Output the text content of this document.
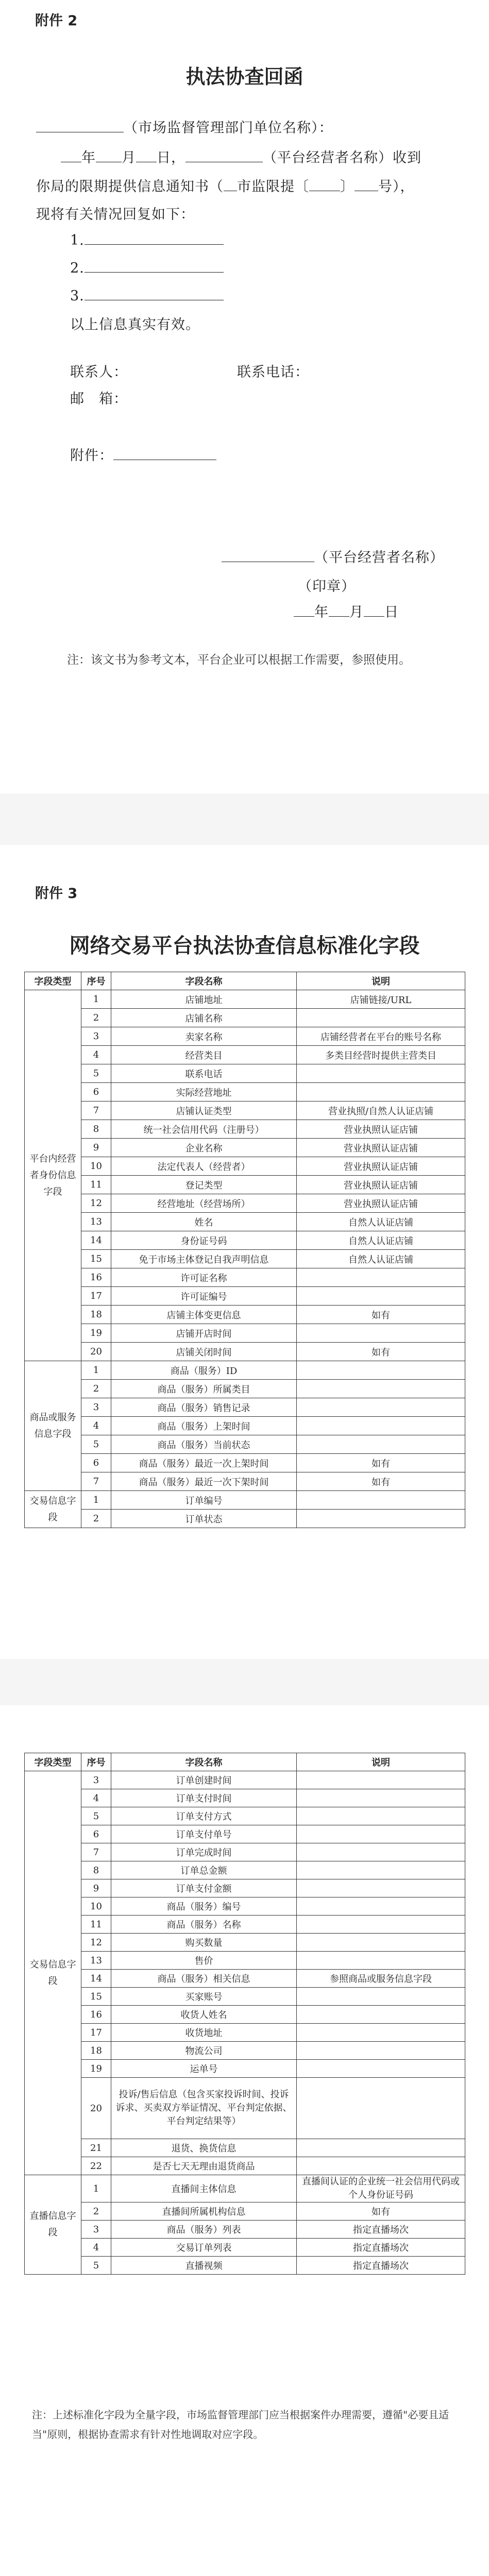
附件 2
执法协查回函
（市场监督管理部门单位名称）：
年 月 日，	（平台经营者名称）收到
你局的限期提供信息通知书（ 市监限提〔 〕 号），
现将有关情况回复如下：
1.
2.
3.
以上信息真实有效。
联系人：	联系电话：
邮　箱：
附件：
（平台经营者名称）
（印章）
年 月 日
注：该文书为参考文本，平台企业可以根据工作需要，参照使用。
附件 3
网络交易平台执法协查信息标准化字段
字段类型	序号	字段名称	说明
平台内经营者身份信息字段	1	店铺地址	店铺链接/URL
	2	店铺名称	
	3	卖家名称	店铺经营者在平台的账号名称
	4	经营类目	多类目经营时提供主营类目
	5	联系电话	
	6	实际经营地址	
	7	店铺认证类型	营业执照/自然人认证店铺
	8	统一社会信用代码（注册号）	营业执照认证店铺
	9	企业名称	营业执照认证店铺
	10	法定代表人（经营者）	营业执照认证店铺
	11	登记类型	营业执照认证店铺
	12	经营地址（经营场所）	营业执照认证店铺
	13	姓名	自然人认证店铺
	14	身份证号码	自然人认证店铺
	15	免于市场主体登记自我声明信息	自然人认证店铺
	16	许可证名称	
	17	许可证编号	
	18	店铺主体变更信息	如有
	19	店铺开店时间	
	20	店铺关闭时间	如有
商品或服务信息字段	1	商品（服务）ID	
	2	商品（服务）所属类目	
	3	商品（服务）销售记录	
	4	商品（服务）上架时间	
	5	商品（服务）当前状态	
	6	商品（服务）最近一次上架时间	如有
	7	商品（服务）最近一次下架时间	如有
交易信息字段	1	订单编号	
	2	订单状态	
字段类型	序号	字段名称	说明
交易信息字段	3	订单创建时间	
	4	订单支付时间	
	5	订单支付方式	
	6	订单支付单号	
	7	订单完成时间	
	8	订单总金额	
	9	订单支付金额	
	10	商品（服务）编号	
	11	商品（服务）名称	
	12	购买数量	
	13	售价	
	14	商品（服务）相关信息	参照商品或服务信息字段
	15	买家账号	
	16	收货人姓名	
	17	收货地址	
	18	物流公司	
	19	运单号	
	20	投诉/售后信息（包含买家投诉时间、投诉诉求、买卖双方举证情况、平台判定依据、平台判定结果等）	
	21	退货、换货信息	
	22	是否七天无理由退货商品	
直播信息字段	1	直播间主体信息	直播间认证的企业统一社会信用代码或个人身份证号码
	2	直播间所属机构信息	如有
	3	商品（服务）列表	指定直播场次
	4	交易订单列表	指定直播场次
	5	直播视频	指定直播场次
注：上述标准化字段为全量字段，市场监督管理部门应当根据案件办理需要，遵循"必要且适当"原则，根据协查需求有针对性地调取对应字段。
